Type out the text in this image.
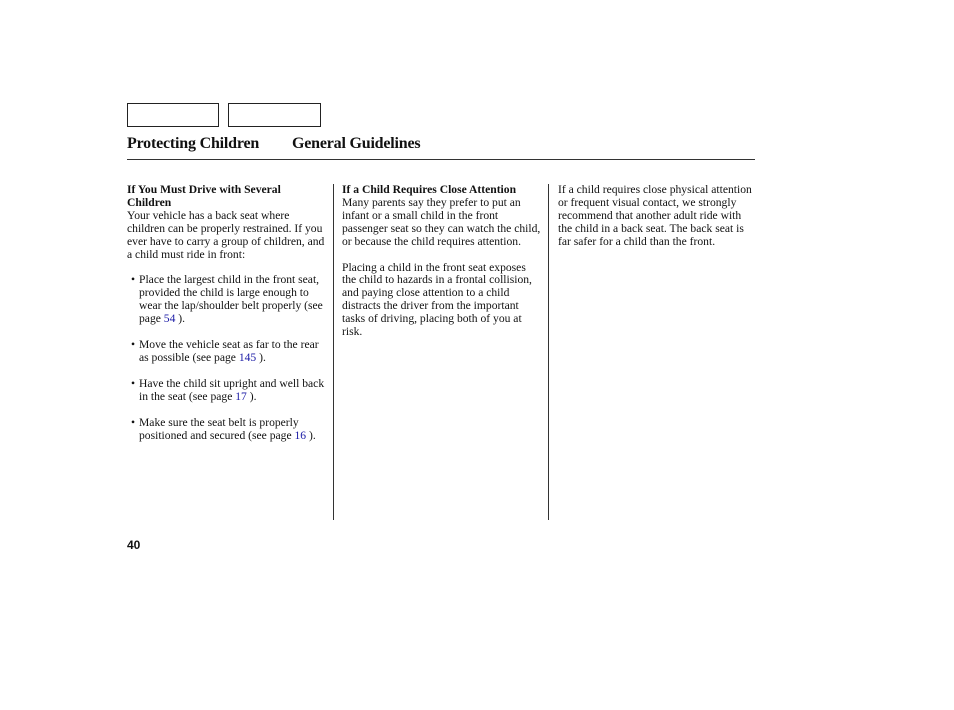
Protecting Children General Guidelines
If You Must Drive with Several Children

Your vehicle has a back seat where children can be properly restrained. If you ever have to carry a group of children, and a child must ride in front:

• Place the largest child in the front seat, provided the child is large enough to wear the lap/shoulder belt properly (see page 54 ).
• Move the vehicle seat as far to the rear as possible (see page 145 ).
• Have the child sit upright and well back in the seat (see page 17 ).
• Make sure the seat belt is properly positioned and secured (see page 16 ).
If a Child Requires Close Attention

Many parents say they prefer to put an infant or a small child in the front passenger seat so they can watch the child, or because the child requires attention.

Placing a child in the front seat exposes the child to hazards in a frontal collision, and paying close attention to a child distracts the driver from the important tasks of driving, placing both of you at risk.

If a child requires close physical attention or frequent visual contact, we strongly recommend that another adult ride with the child in a back seat. The back seat is far safer for a child than the front.

40
